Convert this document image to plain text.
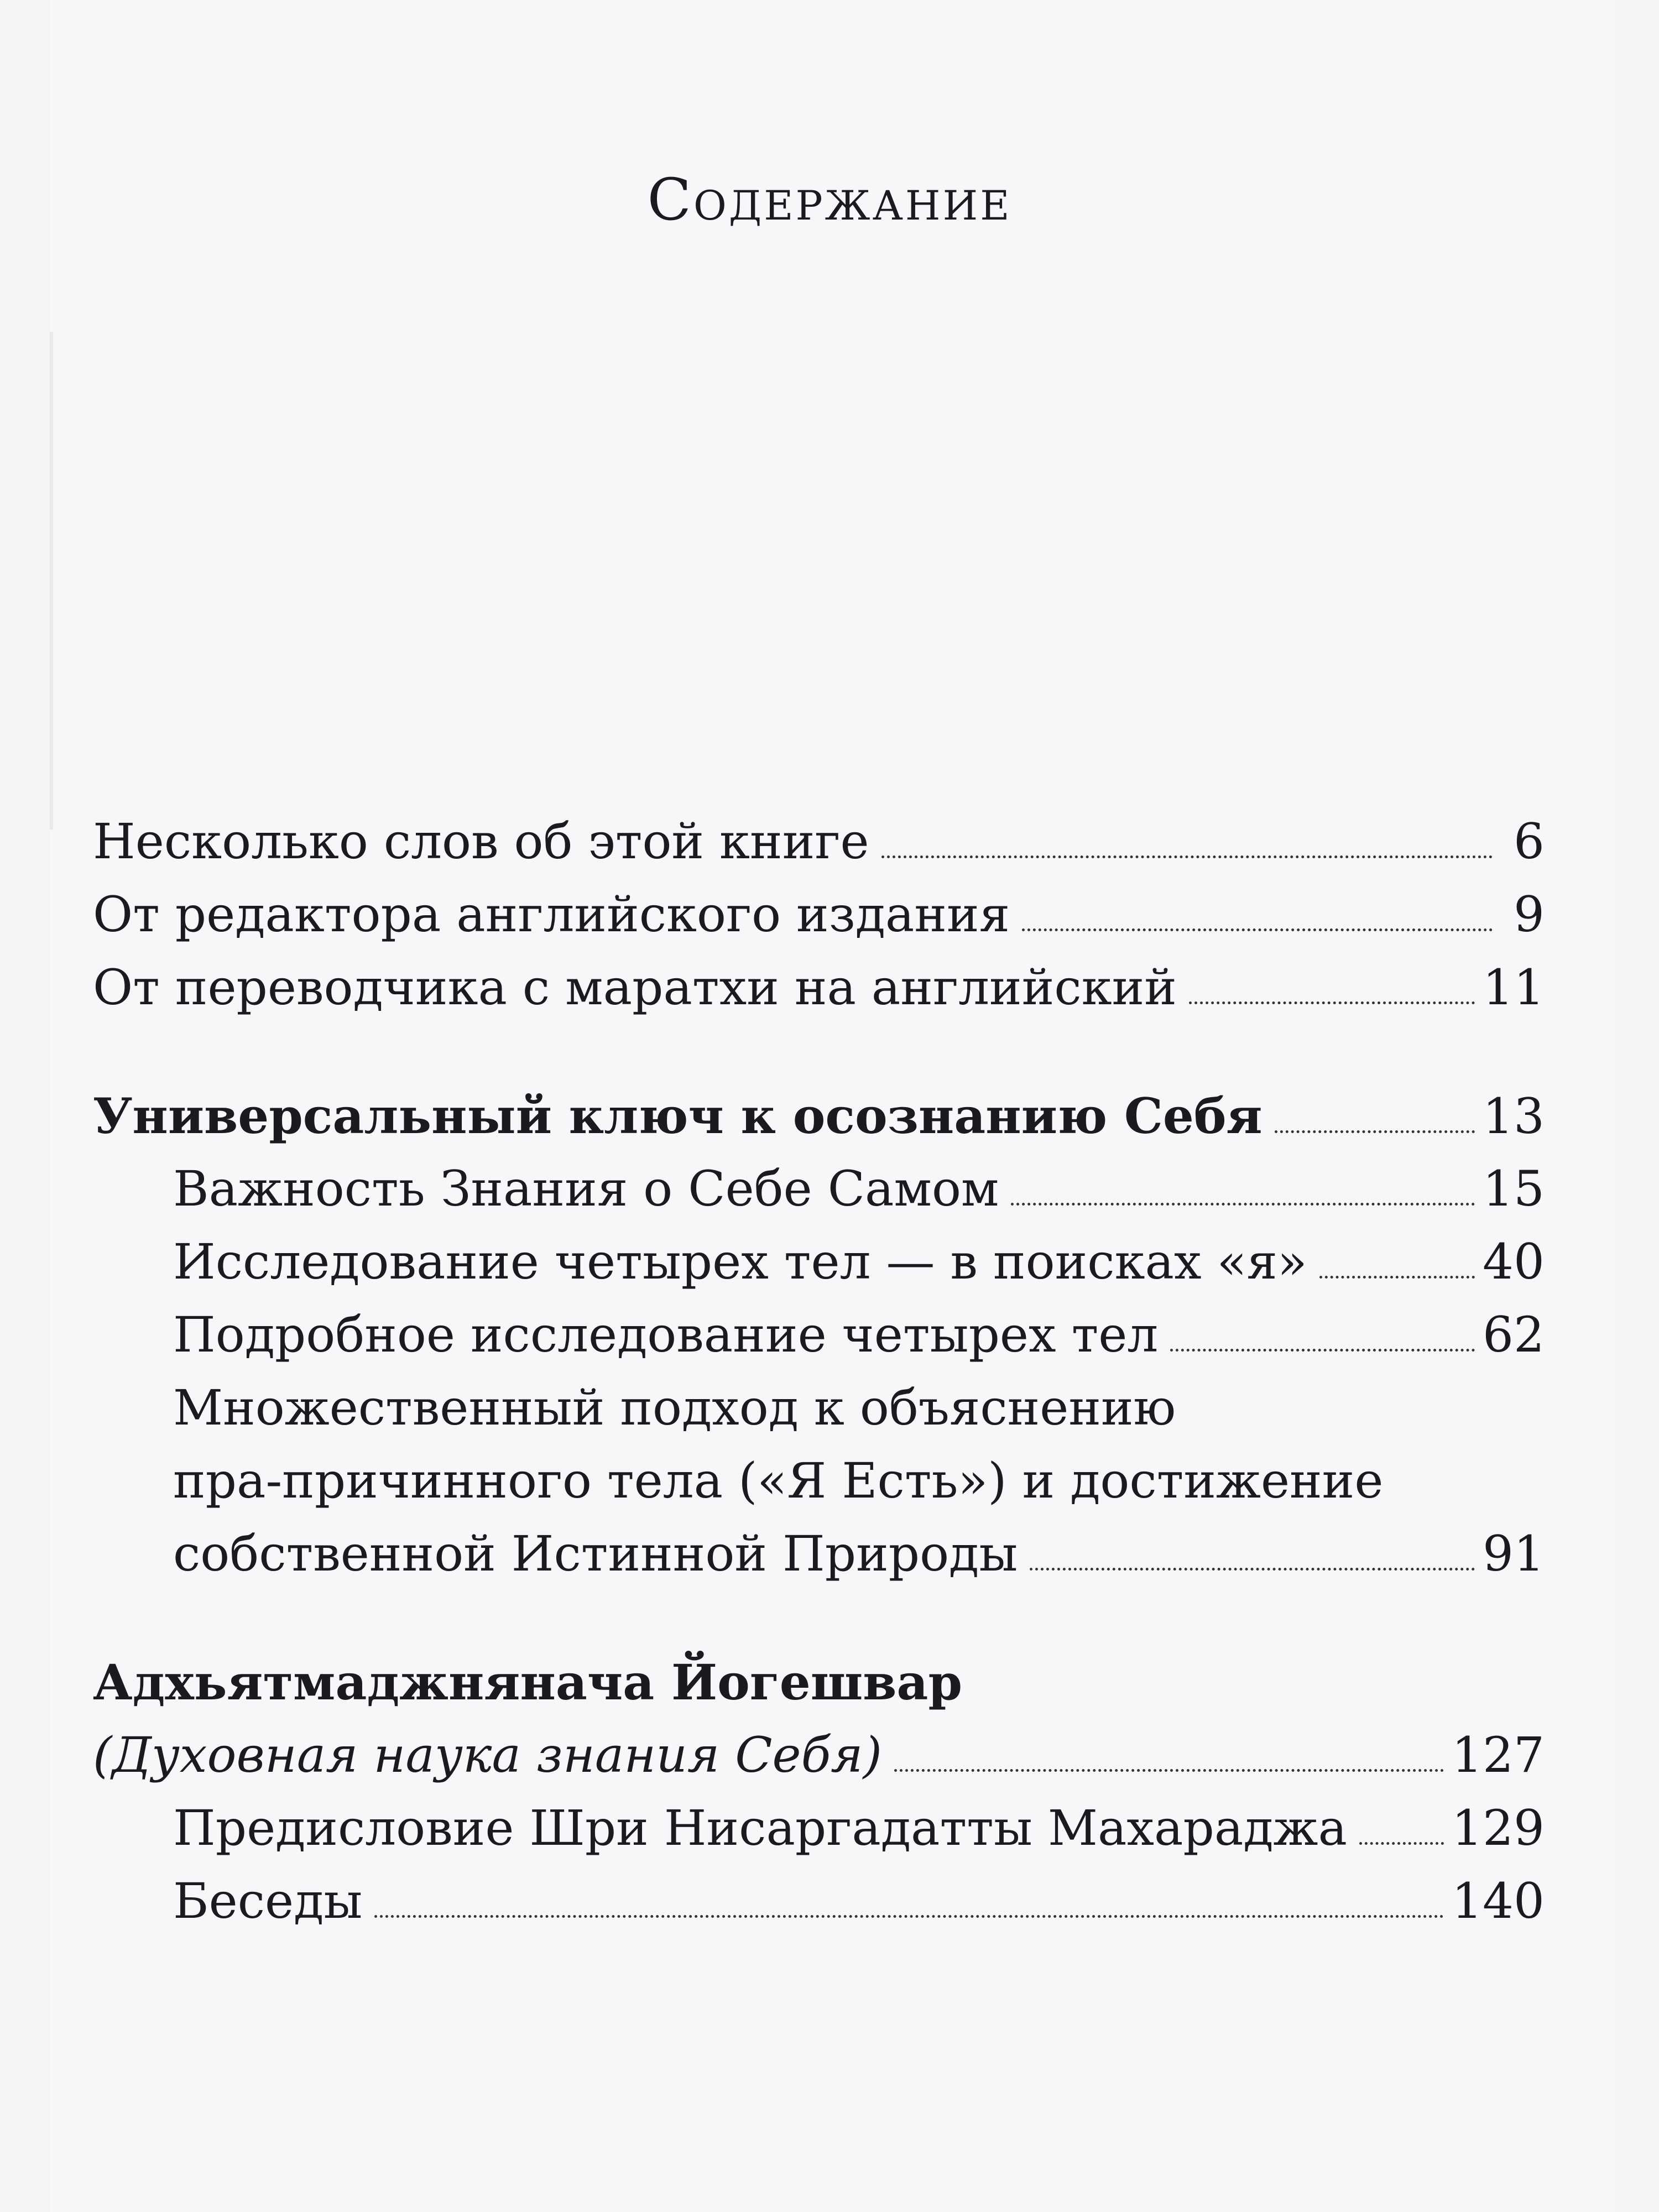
Содержание
Несколько слов об этой книге	6
От редактора английского издания	9
От переводчика с маратхи на английский	11
Универсальный ключ к осознанию Себя	13
Важность Знания о Себе Самом	15
Исследование четырех тел — в поисках «я»	40
Подробное исследование четырех тел	62
Множественный подход к объяснению
пра-причинного тела («Я Есть») и достижение
собственной Истинной Природы	91
Адхьятмаджнянача Йогешвар
(Духовная наука знания Себя)	127
Предисловие Шри Нисаргадатты Махараджа 129
Беседы	140
